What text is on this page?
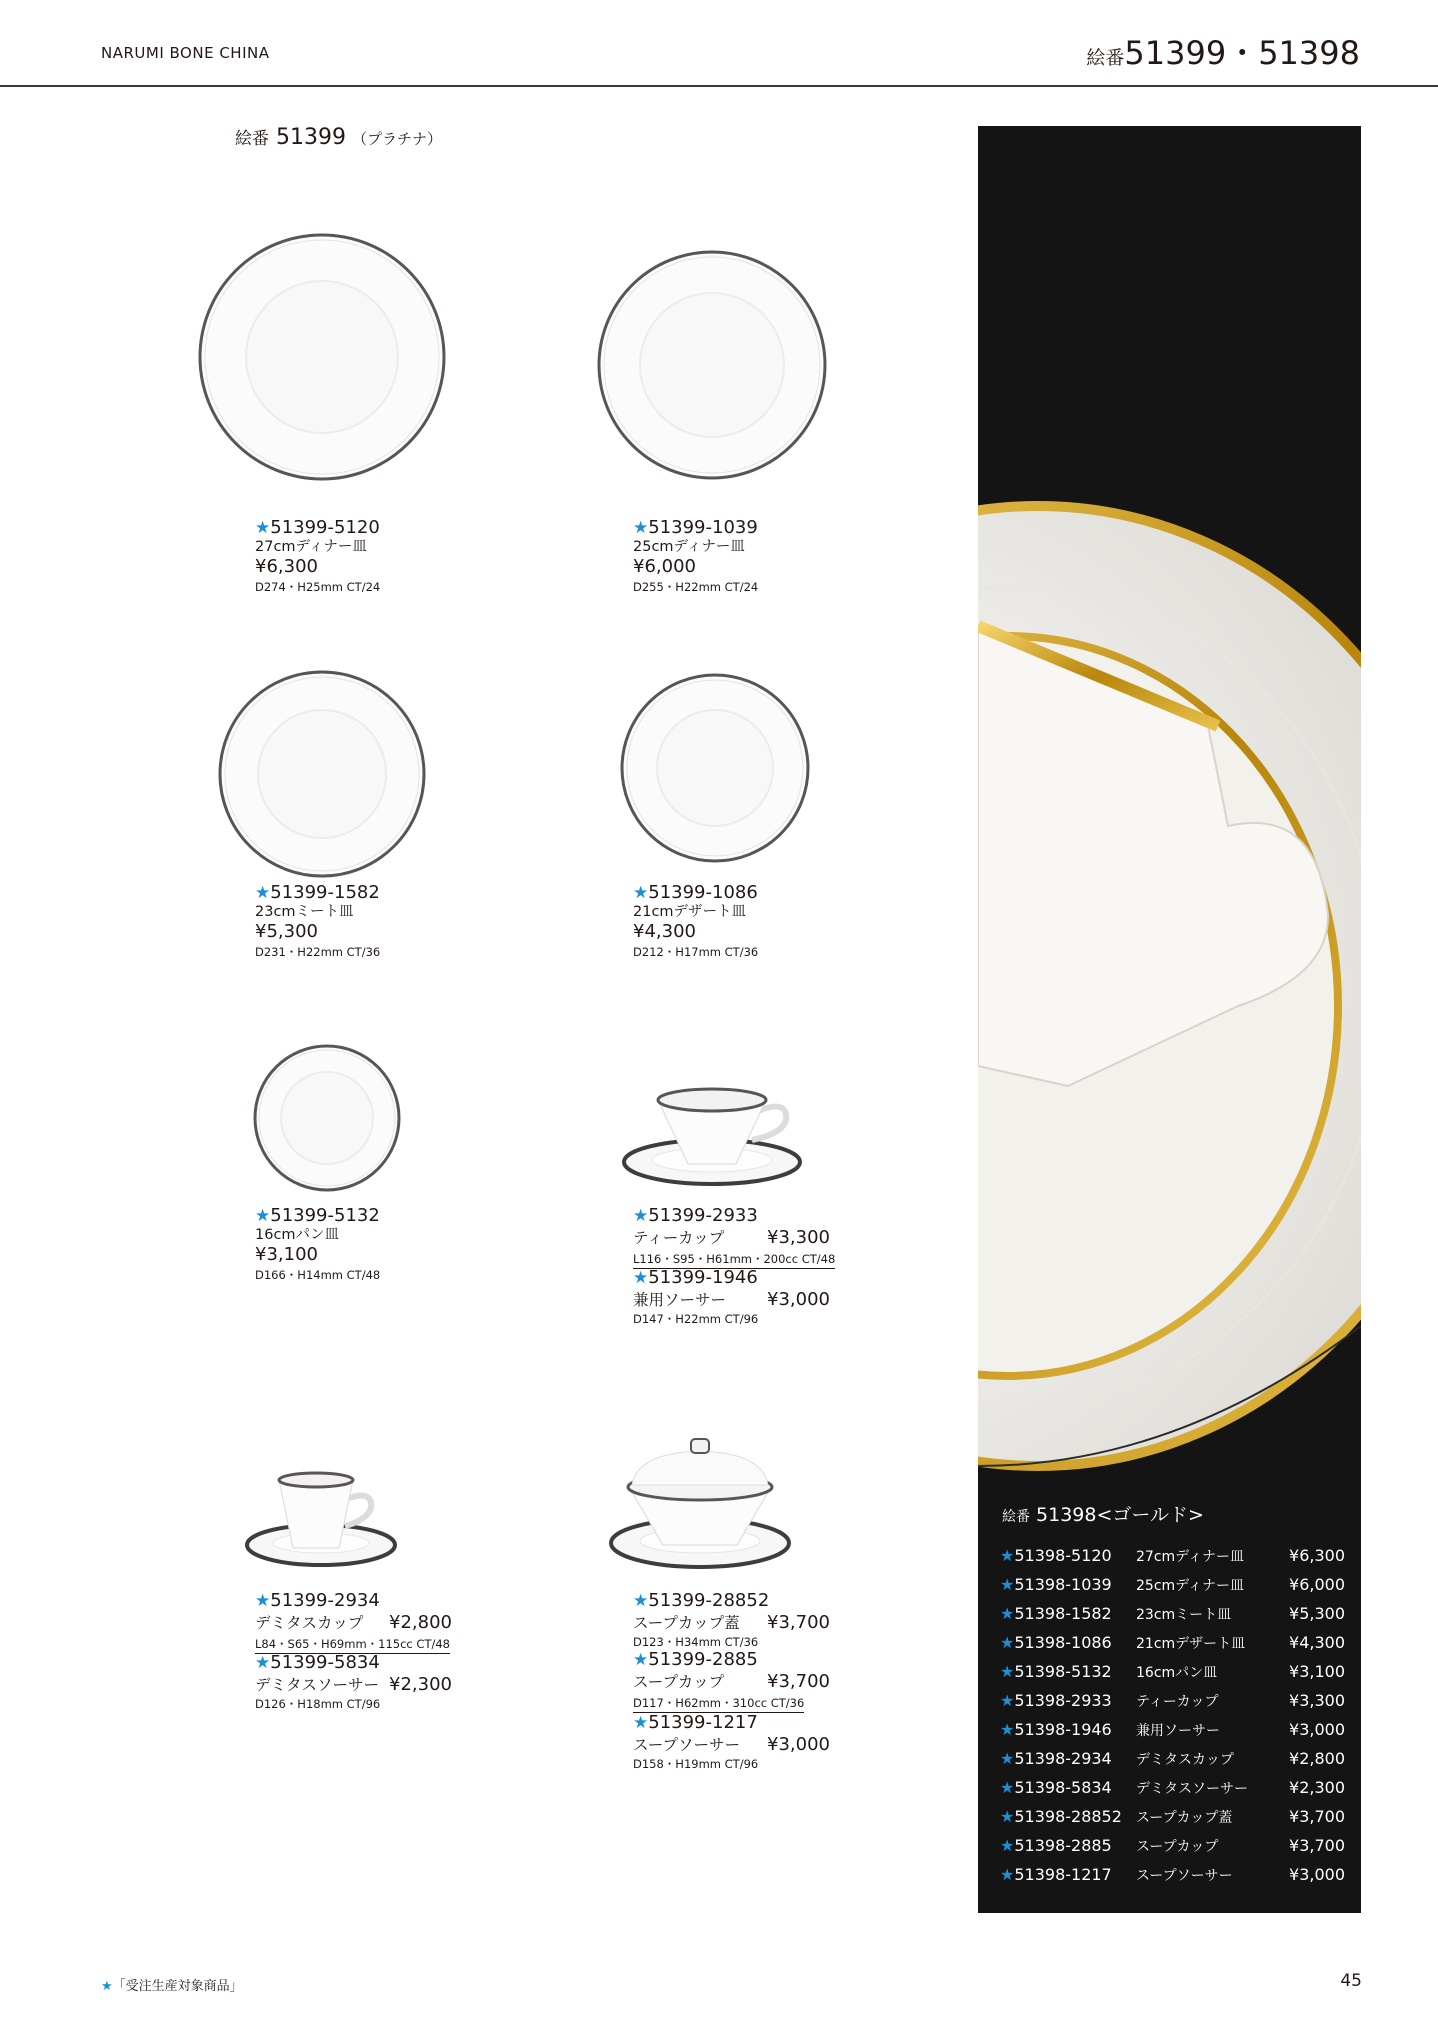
NARUMI BONE CHINA	絵番51399・51398
絵番 51399 （プラチナ）
★51399-5120
27cmディナー皿
¥6,300
D274・H25mm CT/24
★51399-1039
25cmディナー皿
¥6,000
D255・H22mm CT/24
★51399-1582
23cmミート皿
¥5,300
D231・H22mm CT/36
★51399-1086
21cmデザート皿
¥4,300
D212・H17mm CT/36
★51399-5132
16cmパン皿
¥3,100
D166・H14mm CT/48
★51399-2933
ティーカップ ¥3,300
L116・S95・H61mm・200cc CT/48
★51399-1946
兼用ソーサー ¥3,000
D147・H22mm CT/96
★51399-2934
デミタスカップ ¥2,800
L84・S65・H69mm・115cc CT/48
★51399-5834
デミタスソーサー ¥2,300
D126・H18mm CT/96
★51399-28852
スープカップ蓋 ¥3,700
D123・H34mm CT/36
★51399-2885
スープカップ ¥3,700
D117・H62mm・310cc CT/36
★51399-1217
スープソーサー ¥3,000
D158・H19mm CT/96
絵番 51398<ゴールド>
★51398-5120	27cmディナー皿	¥6,300
★51398-1039	25cmディナー皿	¥6,000
★51398-1582	23cmミート皿	¥5,300
★51398-1086	21cmデザート皿	¥4,300
★51398-5132	16cmパン皿	¥3,100
★51398-2933	ティーカップ	¥3,300
★51398-1946	兼用ソーサー	¥3,000
★51398-2934	デミタスカップ	¥2,800
★51398-5834	デミタスソーサー	¥2,300
★51398-28852	スープカップ蓋	¥3,700
★51398-2885	スープカップ	¥3,700
★51398-1217	スープソーサー	¥3,000
★「受注生産対象商品」	45
